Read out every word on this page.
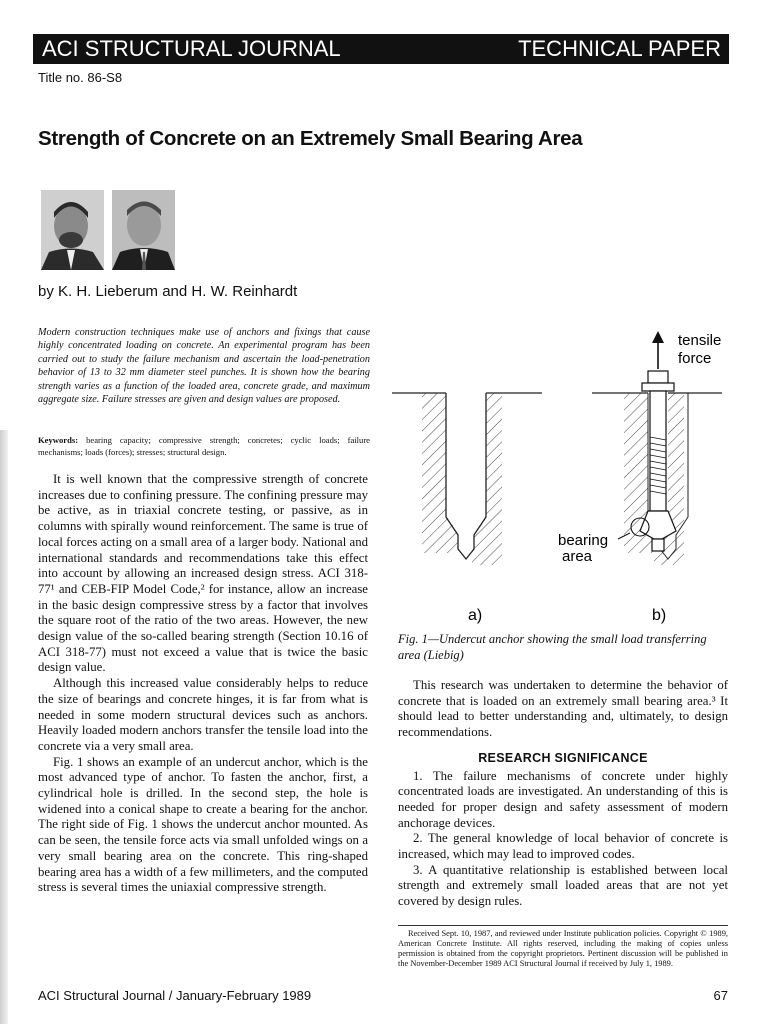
ACI STRUCTURAL JOURNAL	TECHNICAL PAPER
Title no. 86-S8
Strength of Concrete on an Extremely Small Bearing Area
by K. H. Lieberum and H. W. Reinhardt
Modern construction techniques make use of anchors and fixings that cause highly concentrated loading on concrete. An experimental program has been carried out to study the failure mechanism and ascertain the load-penetration behavior of 13 to 32 mm diameter steel punches. It is shown how the bearing strength varies as a function of the loaded area, concrete grade, and maximum aggregate size. Failure stresses are given and design values are proposed.
Keywords: bearing capacity; compressive strength; concretes; cyclic loads; failure mechanisms; loads (forces); stresses; structural design.

It is well known that the compressive strength of concrete increases due to confining pressure. The confining pressure may be active, as in triaxial concrete testing, or passive, as in columns with spirally wound reinforcement. The same is true of local forces acting on a small area of a larger body. National and international standards and recommendations take this effect into account by allowing an increased design stress. ACI 318-77¹ and CEB-FIP Model Code,² for instance, allow an increase in the basic design compressive stress by a factor that involves the square root of the ratio of the two areas. However, the new design value of the so-called bearing strength (Section 10.16 of ACI 318-77) must not exceed a value that is twice the basic design value.

Although this increased value considerably helps to reduce the size of bearings and concrete hinges, it is far from what is needed in some modern structural devices such as anchors. Heavily loaded modern anchors transfer the tensile load into the concrete via a very small area.

Fig. 1 shows an example of an undercut anchor, which is the most advanced type of anchor. To fasten the anchor, first, a cylindrical hole is drilled. In the second step, the hole is widened into a conical shape to create a bearing for the anchor. The right side of Fig. 1 shows the undercut anchor mounted. As can be seen, the tensile force acts via small unfolded wings on a very small bearing area on the concrete. This ring-shaped bearing area has a width of a few millimeters, and the computed stress is several times the uniaxial compressive strength.

tensile
force
bearing
area
a)	b)
Fig. 1—Undercut anchor showing the small load transferring area (Liebig)

This research was undertaken to determine the behavior of concrete that is loaded on an extremely small bearing area.³ It should lead to better understanding and, ultimately, to design recommendations.

RESEARCH SIGNIFICANCE

1. The failure mechanisms of concrete under highly concentrated loads are investigated. An understanding of this is needed for proper design and safety assessment of modern anchorage devices.

2. The general knowledge of local behavior of concrete is increased, which may lead to improved codes.

3. A quantitative relationship is established between local strength and extremely small loaded areas that are not yet covered by design rules.

Received Sept. 10, 1987, and reviewed under Institute publication policies. Copyright © 1989, American Concrete Institute. All rights reserved, including the making of copies unless permission is obtained from the copyright proprietors. Pertinent discussion will be published in the November-December 1989 ACI Structural Journal if received by July 1, 1989.

ACI Structural Journal / January-February 1989	67
